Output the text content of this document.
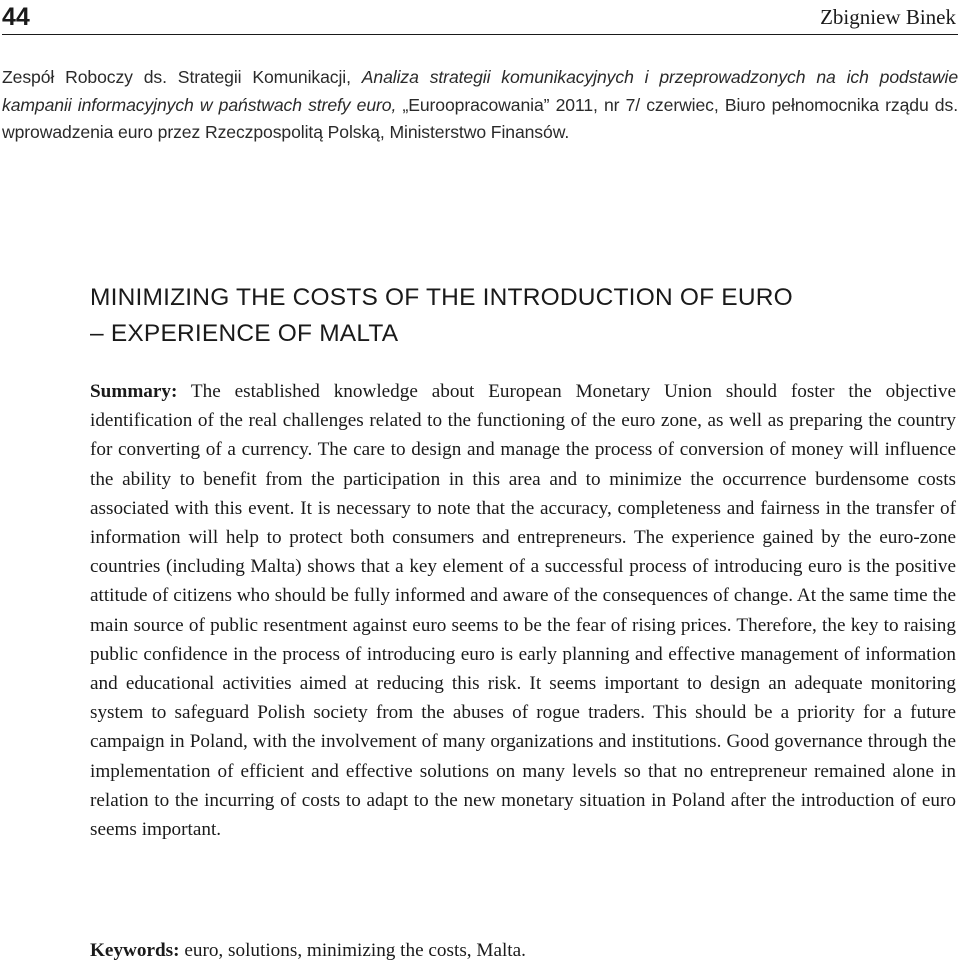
44	Zbigniew Binek

Zespół Roboczy ds. Strategii Komunikacji, Analiza strategii komunikacyjnych i przeprowadzonych na ich podstawie kampanii informacyjnych w państwach strefy euro, „Euroopracowania” 2011, nr 7/ czerwiec, Biuro pełnomocnika rządu ds. wprowadzenia euro przez Rzeczpospolitą Polską, Ministerstwo Finansów.

MINIMIZING THE COSTS OF THE INTRODUCTION OF EURO
– EXPERIENCE OF MALTA

Summary: The established knowledge about European Monetary Union should foster the objective identification of the real challenges related to the functioning of the euro zone, as well as preparing the country for converting of a currency. The care to design and manage the process of conversion of money will influence the ability to benefit from the participation in this area and to minimize the occurrence burdensome costs associated with this event. It is necessary to note that the accuracy, completeness and fairness in the transfer of information will help to protect both consumers and entrepreneurs. The experience gained by the euro-zone countries (including Malta) shows that a key element of a successful process of introducing euro is the positive attitude of citizens who should be fully informed and aware of the consequences of change. At the same time the main source of public resentment against euro seems to be the fear of rising prices. Therefore, the key to raising public confidence in the process of introducing euro is early planning and effective management of information and educational activities aimed at reducing this risk. It seems important to design an adequate monitoring system to safeguard Polish society from the abuses of rogue traders. This should be a priority for a future campaign in Poland, with the involvement of many organizations and institutions. Good governance through the implementation of efficient and effective solutions on many levels so that no entrepreneur remained alone in relation to the incurring of costs to adapt to the new monetary situation in Poland after the introduction of euro seems important.

Keywords: euro, solutions, minimizing the costs, Malta.
